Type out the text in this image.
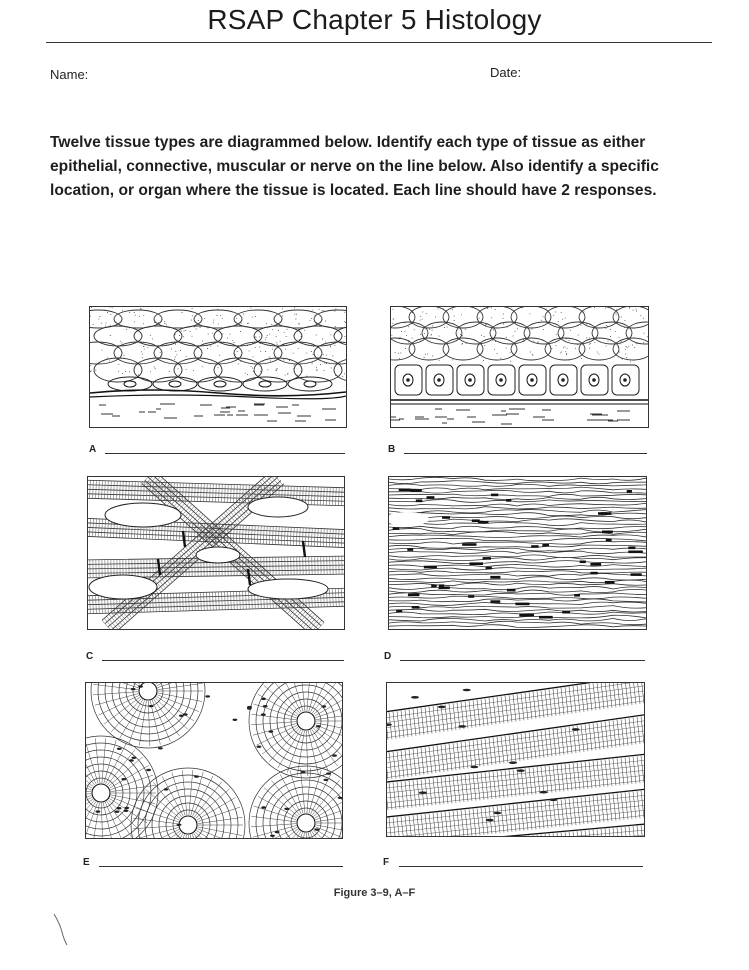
RSAP Chapter 5 Histology
Name:	Date:
Twelve tissue types are diagrammed below. Identify each type of tissue as either epithelial, connective, muscular or nerve on the line below. Also identify a specific location, or organ where the tissue is located. Each line should have 2 responses.
A	B
C	D
E	F
Figure 3–9, A–F
